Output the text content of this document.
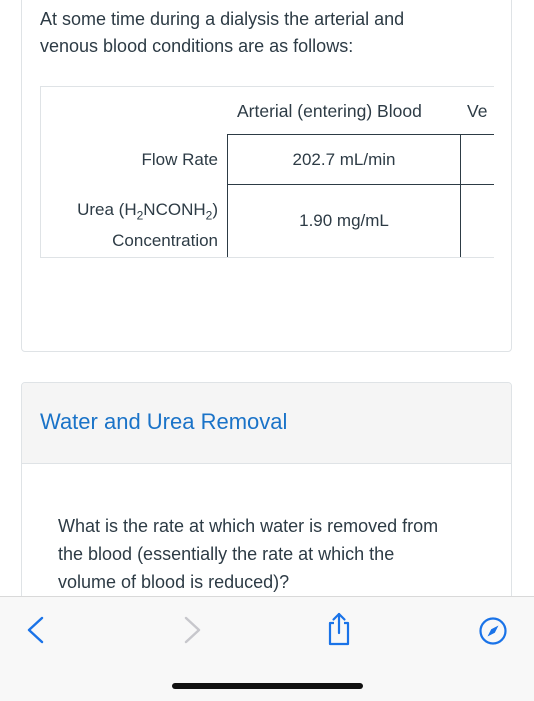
At some time during a dialysis the arterial and
venous blood conditions are as follows:
Arterial (entering) Blood	Ve
Flow Rate	202.7 mL/min
Urea $(H_2NCONH_2)$
Concentration
1.90 mg/mL
Water and Urea Removal
What is the rate at which water is removed from
the blood (essentially the rate at which the
volume of blood is reduced)?
